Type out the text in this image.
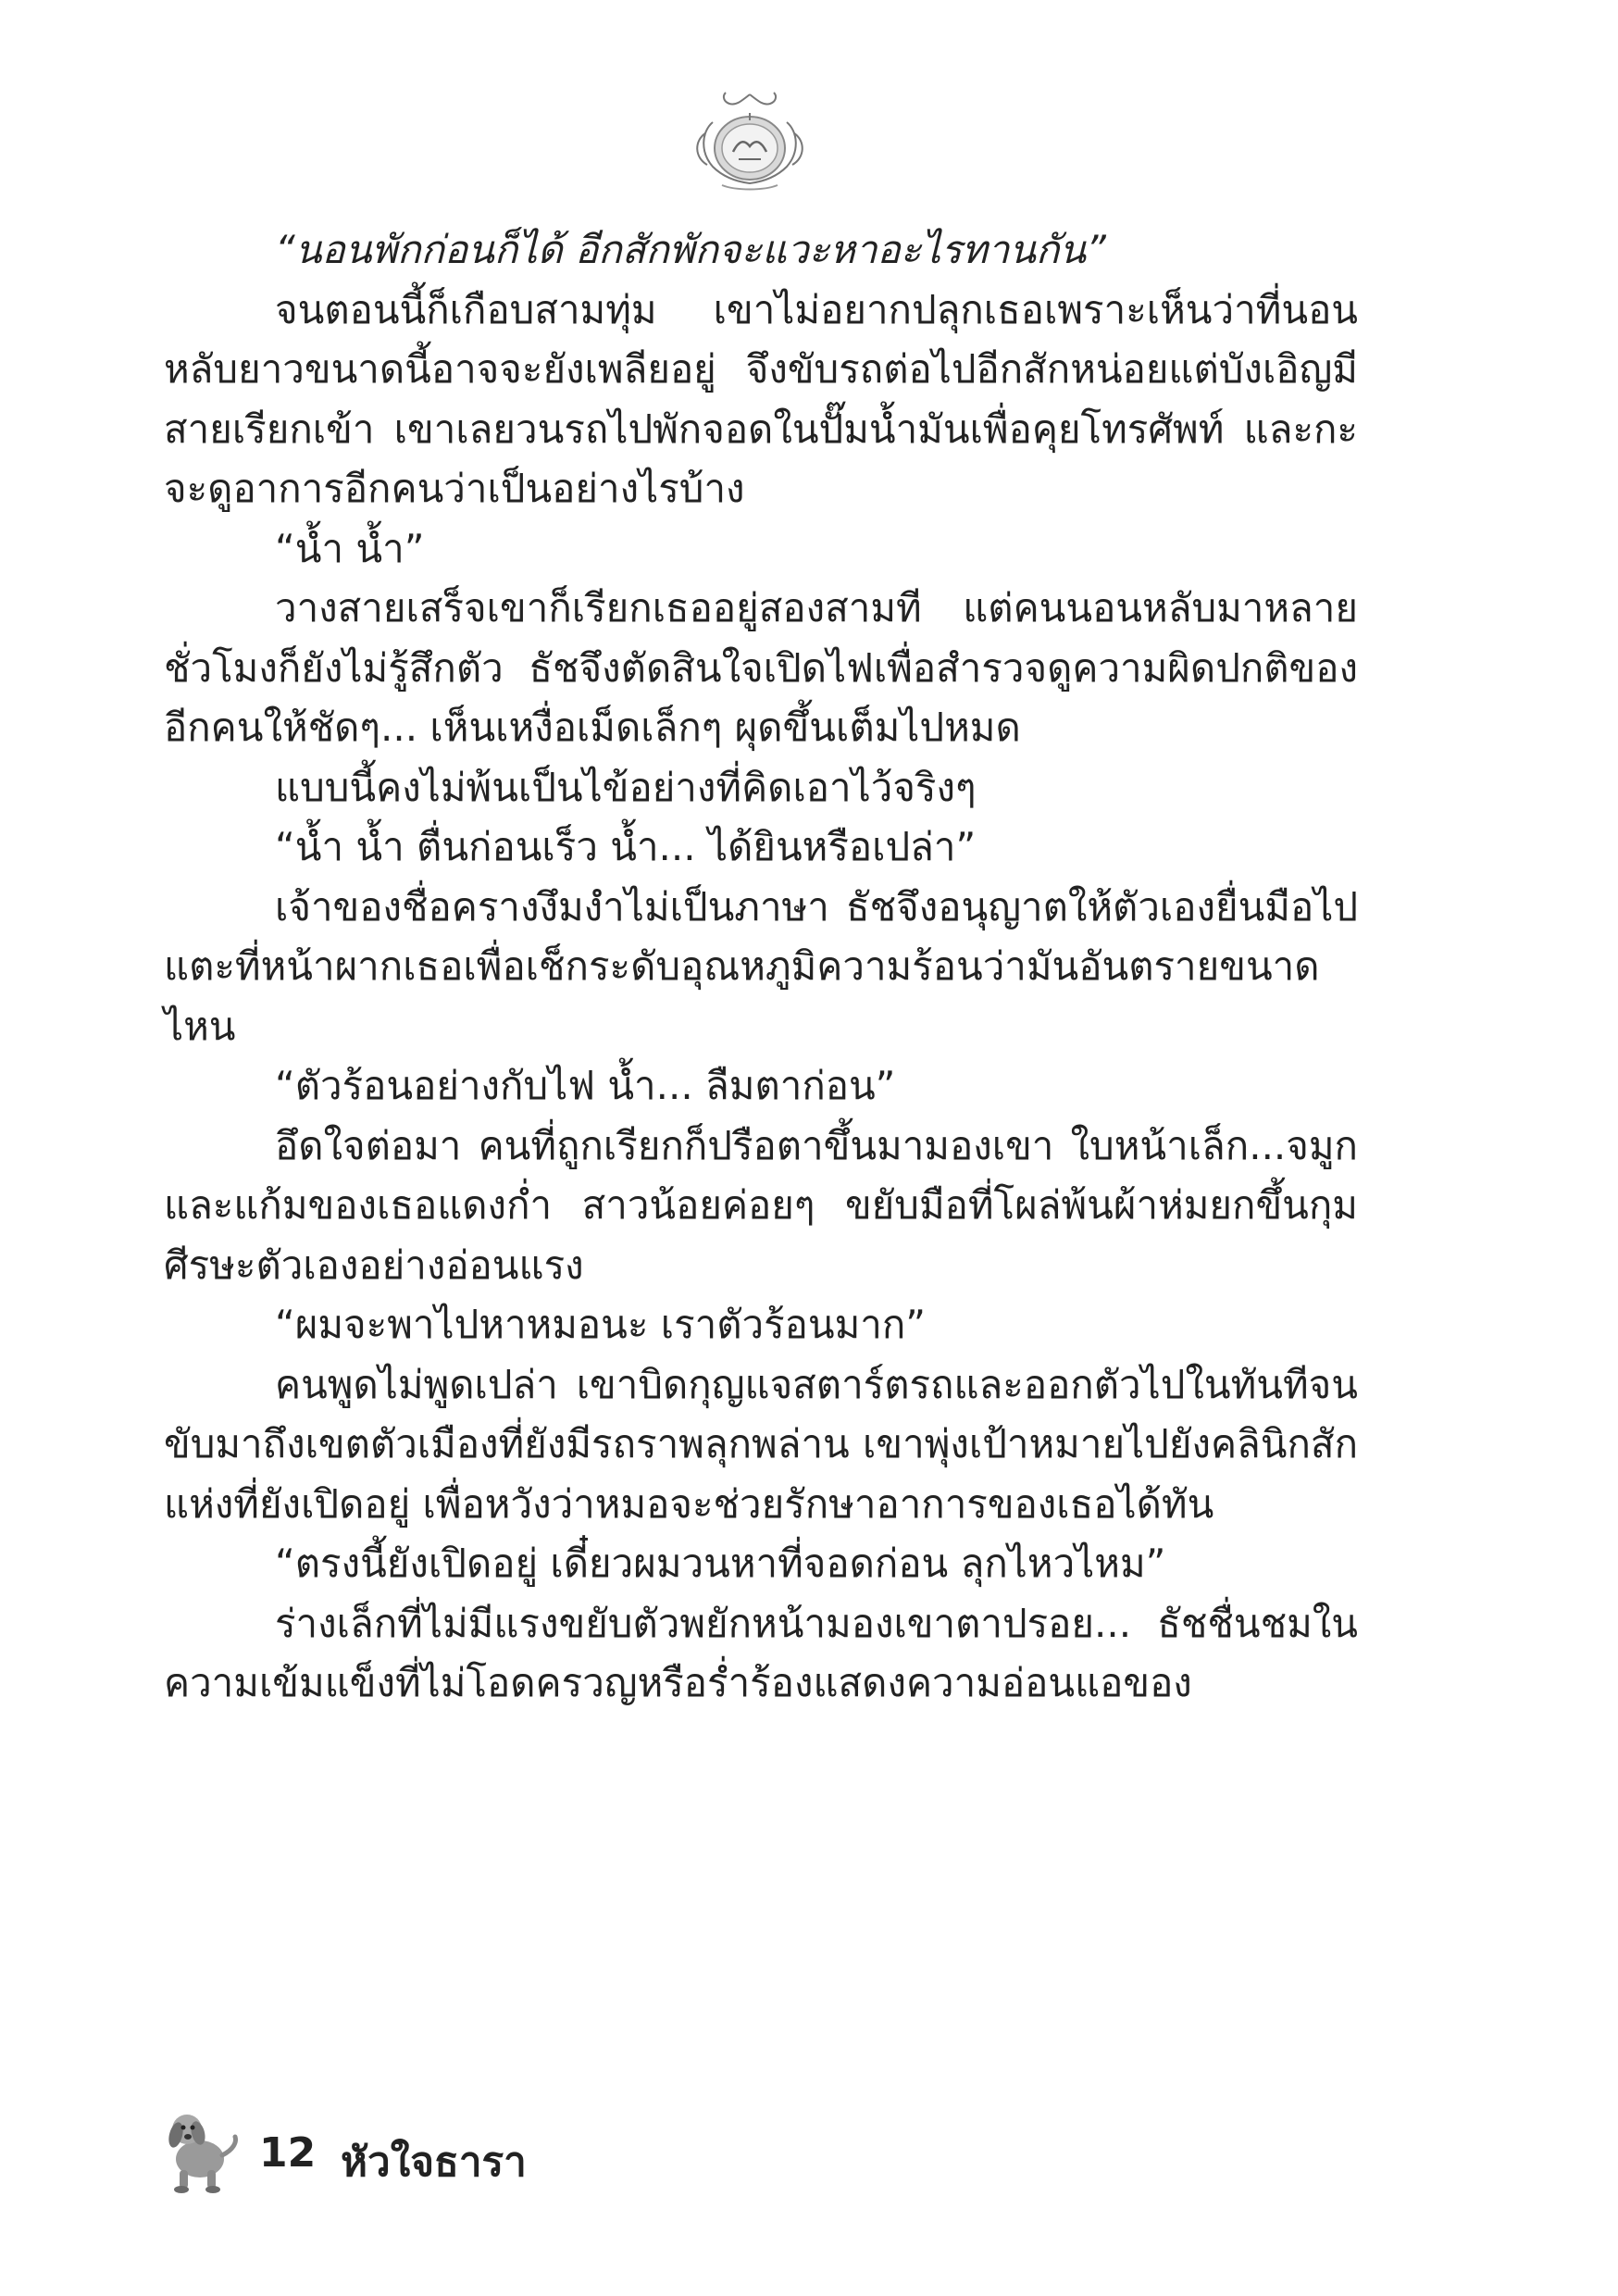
“นอนพักก่อนก็ได้ อีกสักพักจะแวะหาอะไรทานกัน”

จนตอนนี้ก็เกือบสามทุ่ม เขาไม่อยากปลุกเธอเพราะเห็นว่าที่นอนหลับยาวขนาดนี้อาจจะยังเพลียอยู่ จึงขับรถต่อไปอีกสักหน่อยแต่บังเอิญมีสายเรียกเข้า เขาเลยวนรถไปพักจอดในปั๊มน้ำมันเพื่อคุยโทรศัพท์ และกะจะดูอาการอีกคนว่าเป็นอย่างไรบ้าง

“น้ำ น้ำ”

วางสายเสร็จเขาก็เรียกเธออยู่สองสามที แต่คนนอนหลับมาหลายชั่วโมงก็ยังไม่รู้สึกตัว ธัชจึงตัดสินใจเปิดไฟเพื่อสำรวจดูความผิดปกติของอีกคนให้ชัดๆ... เห็นเหงื่อเม็ดเล็กๆ ผุดขึ้นเต็มไปหมด

แบบนี้คงไม่พ้นเป็นไข้อย่างที่คิดเอาไว้จริงๆ

“น้ำ น้ำ ตื่นก่อนเร็ว น้ำ... ได้ยินหรือเปล่า”

เจ้าของชื่อครางงึมงำไม่เป็นภาษา ธัชจึงอนุญาตให้ตัวเองยื่นมือไปแตะที่หน้าผากเธอเพื่อเช็กระดับอุณหภูมิความร้อนว่ามันอันตรายขนาดไหน

“ตัวร้อนอย่างกับไฟ น้ำ... ลืมตาก่อน”

อึดใจต่อมา คนที่ถูกเรียกก็ปรือตาขึ้นมามองเขา ใบหน้าเล็ก...จมูกและแก้มของเธอแดงก่ำ สาวน้อยค่อยๆ ขยับมือที่โผล่พ้นผ้าห่มยกขึ้นกุมศีรษะตัวเองอย่างอ่อนแรง

“ผมจะพาไปหาหมอนะ เราตัวร้อนมาก”

คนพูดไม่พูดเปล่า เขาบิดกุญแจสตาร์ตรถและออกตัวไปในทันทีจนขับมาถึงเขตตัวเมืองที่ยังมีรถราพลุกพล่าน เขาพุ่งเป้าหมายไปยังคลินิกสักแห่งที่ยังเปิดอยู่ เพื่อหวังว่าหมอจะช่วยรักษาอาการของเธอได้ทัน

“ตรงนี้ยังเปิดอยู่ เดี๋ยวผมวนหาที่จอดก่อน ลุกไหวไหม”

ร่างเล็กที่ไม่มีแรงขยับตัวพยักหน้ามองเขาตาปรอย... ธัชชื่นชมในความเข้มแข็งที่ไม่โอดครวญหรือร่ำร้องแสดงความอ่อนแอของ

12 หัวใจธารา
